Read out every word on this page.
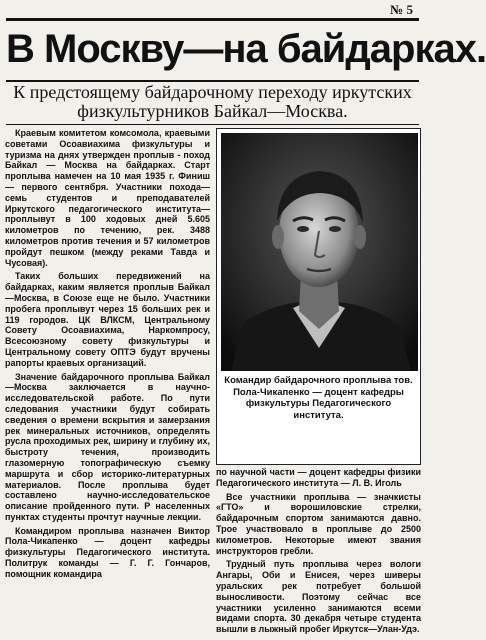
№ 5
В Москву—на байдарках.
К предстоящему байдарочному переходу иркутских физкультурников Байкал—Москва.

Краевым комитетом комсомола, краевыми советами Осоавиахима физкультуры и туризма на днях утвержден проплыв - поход Байкал — Москва на байдарках. Старт проплыва намечен на 10 мая 1935 г. Финиш — первого сентября. Участники похода—семь студентов и преподавателей Иркутского педагогического института—проплывут в 100 ходовых дней 5.605 километров по течению, рек. 3488 километров против течения и 57 километров пройдут пешком (между реками Тавда и Чусовая).

Таких больших передвижений на байдарках, каким является проплыв Байкал—Москва, в Союзе еще не было. Участники пробега проплывут через 15 больших рек и 119 городов. ЦК ВЛКСМ, Центральному Совету Осоавиахима, Наркомпросу, Всесоюзному совету физкультуры и Центральному совету ОПТЭ будут вручены рапорты краевых организаций.

Значение байдарочного проплыва Байкал—Москва заключается в научно-исследовательской работе. По пути следования участники будут собирать сведения о времени вскрытия и замерзания рек минеральных источников, определять русла проходимых рек, ширину и глубину их, быстроту течения, производить глазомерную топографическую съемку маршрута и сбор историко-литературных материалов. После проплыва будет составлено научно-исследовательское описание пройденного пути. Р населенных пунктах студенты прочтут научные лекции.

Командиром проплыва назначен Виктор Пола-Чикапенко — доцент кафедры физкультуры Педагогического института. Политрук команды — Г. Г. Гончаров, помощник командира

Командир байдарочного проплыва тов. Пола-Чикапенко — доцент кафедры физкультуры Педагогического института.

по научной части — доцент кафедры физики Педагогического института — Л. В. Иголь

Все участники проплыва — значкисты «ГТО» и ворошиловские стрелки, байдарочным спортом занимаются давно. Трое участвовало в проплыве до 2500 километров. Некоторые имеют звания инструкторов гребли.

Трудный путь проплыва через вологи Ангары, Оби и Енисея, через шиверы уральских рек потребует большой выносливости. Поэтому сейчас все участники усиленно занимаются всеми видами спорта. 30 декабря четыре студента вышли в лыжный пробег Иркутск—Улан-Удэ.
